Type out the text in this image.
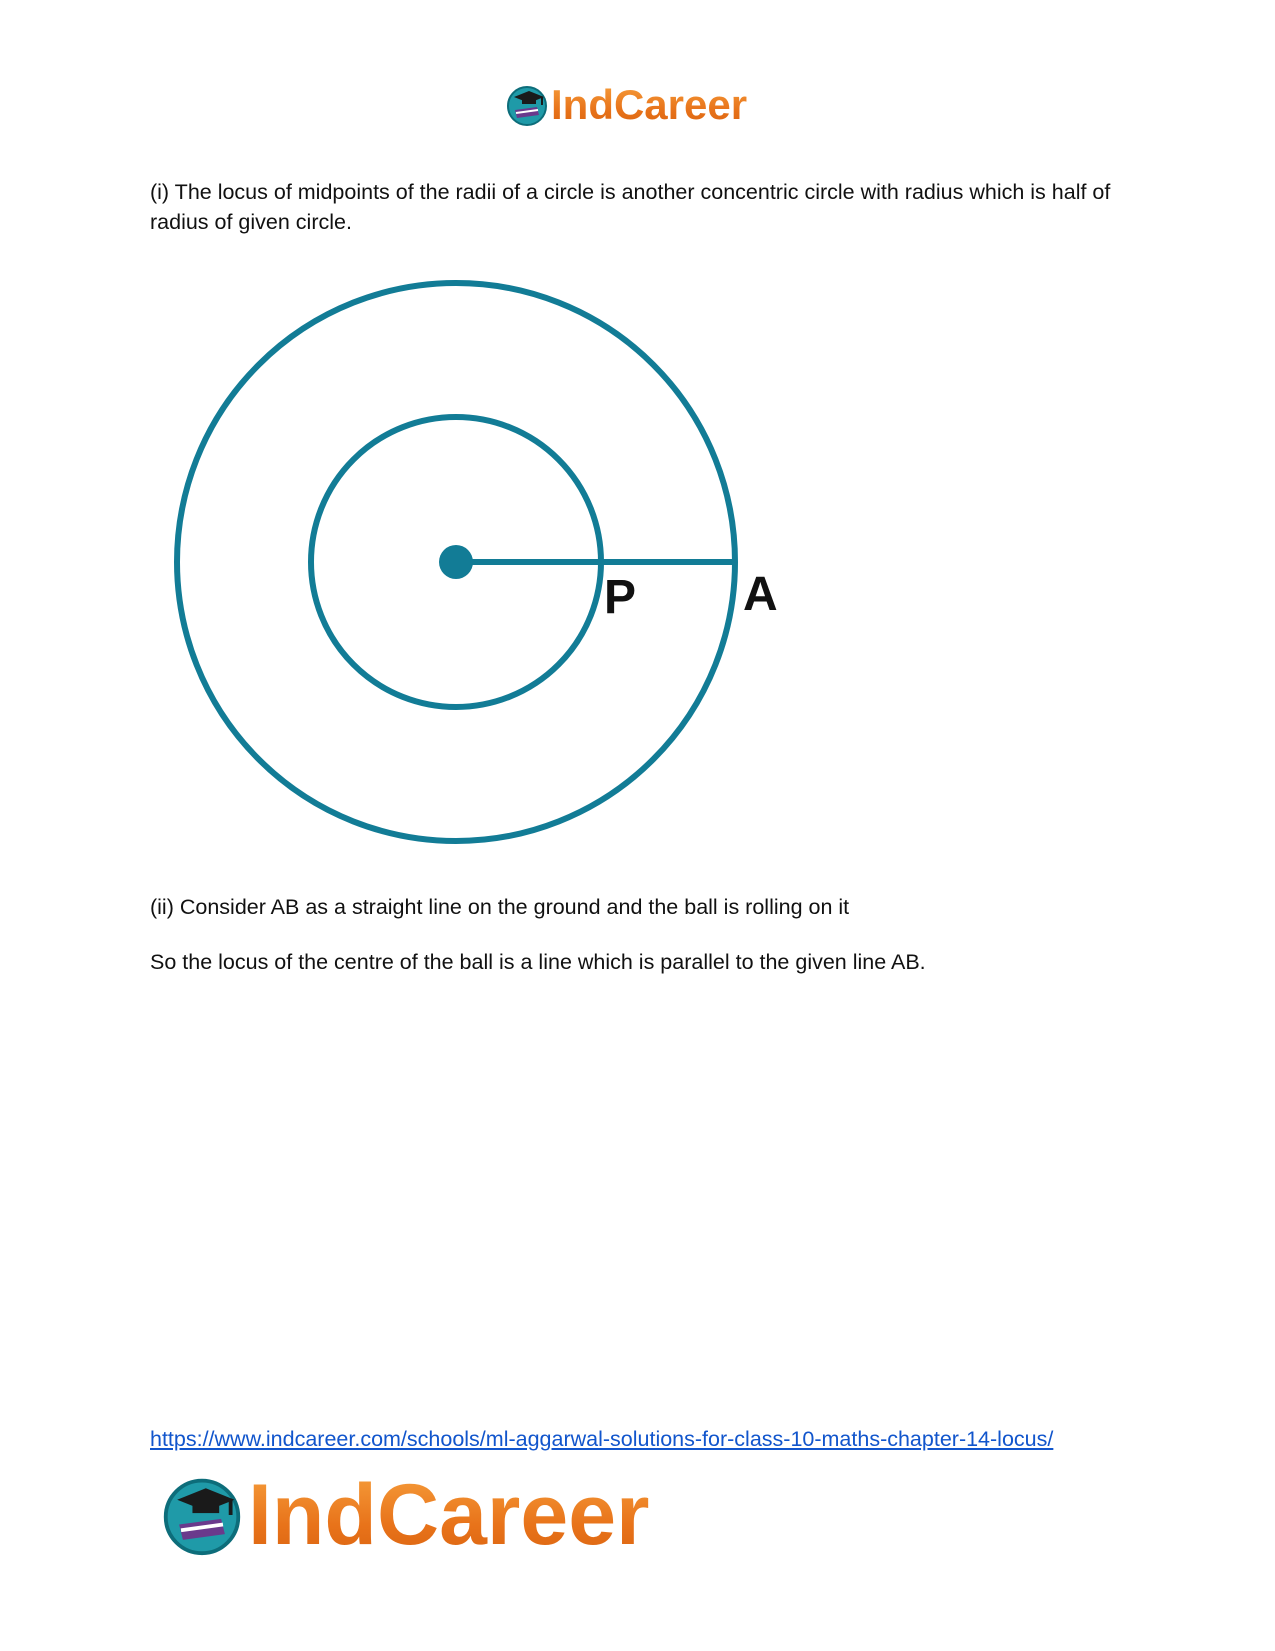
IndCareer

(i) The locus of midpoints of the radii of a circle is another concentric circle with radius which is half of radius of given circle.

P A

(ii) Consider AB as a straight line on the ground and the ball is rolling on it

So the locus of the centre of the ball is a line which is parallel to the given line AB.

https://www.indcareer.com/schools/ml-aggarwal-solutions-for-class-10-maths-chapter-14-locus/
IndCareer
